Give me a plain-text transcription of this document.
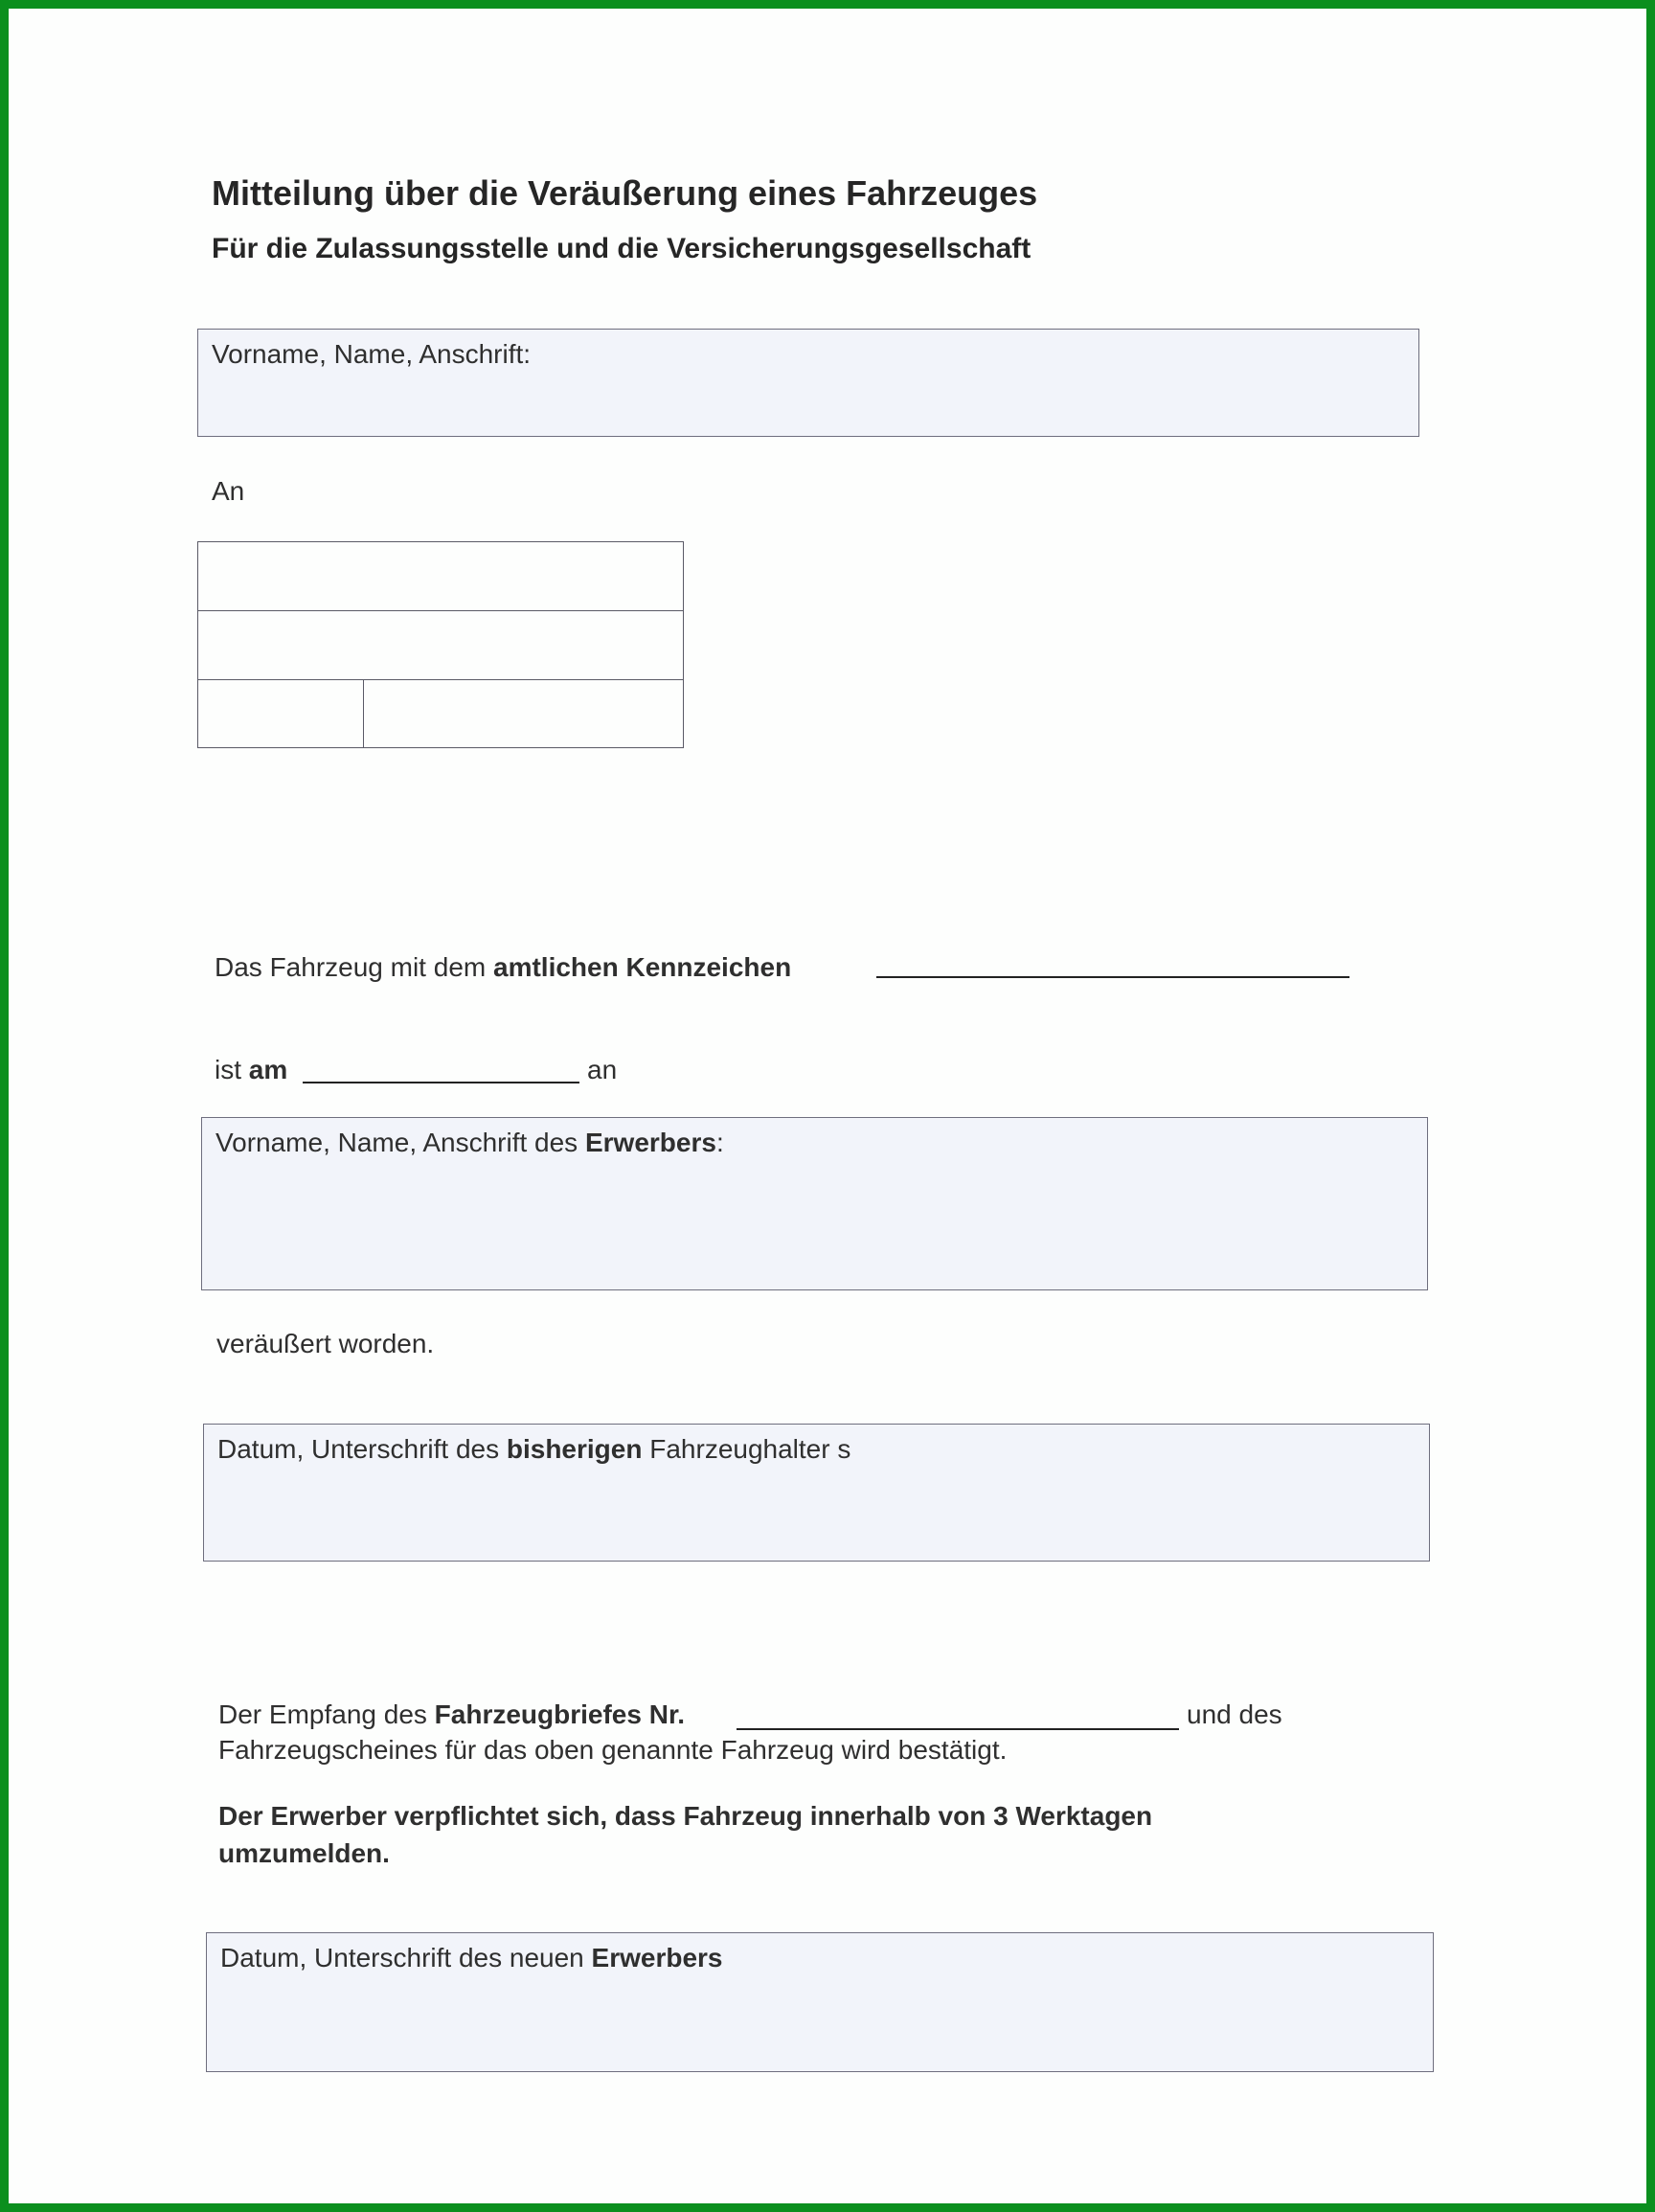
Mitteilung über die Veräußerung eines Fahrzeuges
Für die Zulassungsstelle und die Versicherungsgesellschaft
Vorname, Name, Anschrift:
An
Das Fahrzeug mit dem amtlichen Kennzeichen
ist am	an
Vorname, Name, Anschrift des Erwerbers:
veräußert worden.
Datum, Unterschrift des bisherigen Fahrzeughalter s
Der Empfang des Fahrzeugbriefes Nr.	und des
Fahrzeugscheines für das oben genannte Fahrzeug wird bestätigt.
Der Erwerber verpflichtet sich, dass Fahrzeug innerhalb von 3 Werktagen
umzumelden.
Datum, Unterschrift des neuen Erwerbers
